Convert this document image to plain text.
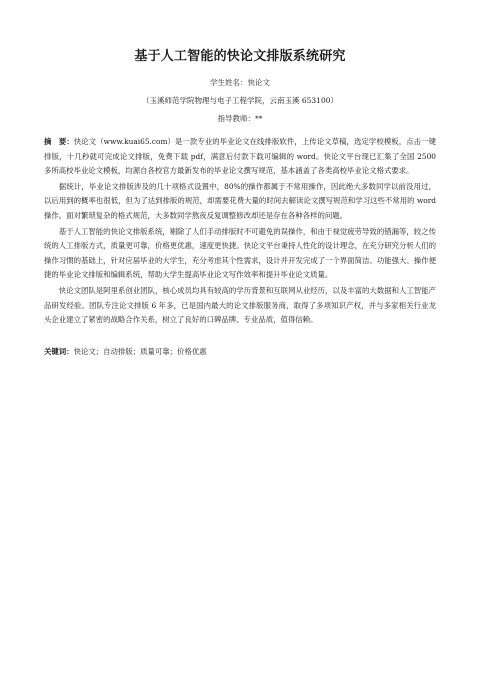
基于人工智能的快论文排版系统研究
学生姓名：快论文
（玉溪师范学院物理与电子工程学院，云南玉溪 653100）
指导教师：**

摘　要：快论文（www.kuai65.com）是一款专业的毕业论文在线排版软件，上传论文草稿，选定学校模板，点击一键排版，十几秒就可完成论文排版，免费下载 pdf，满意后付款下载可编辑的 word。快论文平台现已汇集了全国 2500 多所高校毕业论文模板，均源自各校官方最新发布的毕业论文撰写规范，基本涵盖了各类高校毕业论文格式要求。

据统计，毕业论文排版涉及的几十项格式设置中，80%的操作都属于不常用操作，因此绝大多数同学以前没用过，以后用到的概率也很低，但为了达到排版的规范，却需要花费大量的时间去解读论文撰写规范和学习这些不常用的 word 操作。面对繁琐复杂的格式规范，大多数同学熬夜反复调整修改却还是存在各种各样的问题。

基于人工智能的快论文排版系统，剔除了人们手动排版时不可避免的误操作，和由于视觉疲劳导致的错漏等，较之传统的人工排版方式，质量更可靠，价格更优惠，速度更快捷。快论文平台秉持人性化的设计理念，在充分研究分析人们的操作习惯的基础上，针对应届毕业的大学生，充分考虑其个性需求，设计并开发完成了一个界面简洁、功能强大、操作便捷的毕业论文排版和编辑系统，帮助大学生提高毕业论文写作效率和提升毕业论文质量。

快论文团队是阿里系创业团队，核心成员均具有较高的学历背景和互联网从业经历，以及丰富的大数据和人工智能产品研发经验。团队专注论文排版 6 年多，已是国内最大的论文排版服务商，取得了多项知识产权，并与多家相关行业龙头企业建立了紧密的战略合作关系，树立了良好的口碑品牌、专业品质，值得信赖。

关键词：快论文；自动排版；质量可靠；价格优惠
